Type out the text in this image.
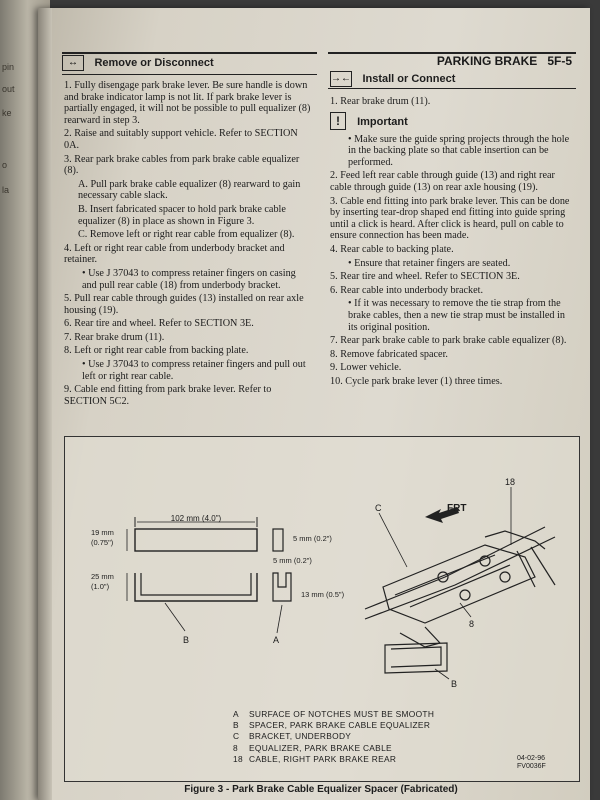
pin
out
ke
o
la
↔ Remove or Disconnect	PARKING BRAKE 5F-5
→← Install or Connect
1. Fully disengage park brake lever. Be sure handle is down and brake indicator lamp is not lit. If park brake lever is partially engaged, it will not be possible to pull equalizer (8) rearward in step 3.
2. Raise and suitably support vehicle. Refer to SECTION 0A.
3. Rear park brake cables from park brake cable equalizer (8).
A. Pull park brake cable equalizer (8) rearward to gain necessary cable slack.
B. Insert fabricated spacer to hold park brake cable equalizer (8) in place as shown in Figure 3.
C. Remove left or right rear cable from equalizer (8).
4. Left or right rear cable from underbody bracket and retainer.
• Use J 37043 to compress retainer fingers on casing and pull rear cable (18) from underbody bracket.
5. Pull rear cable through guides (13) installed on rear axle housing (19).
6. Rear tire and wheel. Refer to SECTION 3E.
7. Rear brake drum (11).
8. Left or right rear cable from backing plate.
• Use J 37043 to compress retainer fingers and pull out left or right rear cable.
9. Cable end fitting from park brake lever. Refer to SECTION 5C2.
1. Rear brake drum (11).
! Important
• Make sure the guide spring projects through the hole in the backing plate so that cable insertion can be performed.
2. Feed left rear cable through guide (13) and right rear cable through guide (13) on rear axle housing (19).
3. Cable end fitting into park brake lever. This can be done by inserting tear-drop shaped end fitting into guide spring until a click is heard. After click is heard, pull on cable to ensure connection has been made.
4. Rear cable to backing plate.
• Ensure that retainer fingers are seated.
5. Rear tire and wheel. Refer to SECTION 3E.
6. Rear cable into underbody bracket.
• If it was necessary to remove the tie strap from the brake cables, then a new tie strap must be installed in its original position.
7. Rear park brake cable to park brake cable equalizer (8).
8. Remove fabricated spacer.
9. Lower vehicle.
10. Cycle park brake lever (1) three times.
102 mm (4.0")
19 mm
(0.75")
25 mm
(1.0")
5 mm (0.2")
5 mm (0.2")
13 mm (0.5")
A
B
FRT
C
18
8
B
A SURFACE OF NOTCHES MUST BE SMOOTH
B SPACER, PARK BRAKE CABLE EQUALIZER
C BRACKET, UNDERBODY
8 EQUALIZER, PARK BRAKE CABLE
18 CABLE, RIGHT PARK BRAKE REAR	04-02-96
FV0036F
Figure 3 - Park Brake Cable Equalizer Spacer (Fabricated)
